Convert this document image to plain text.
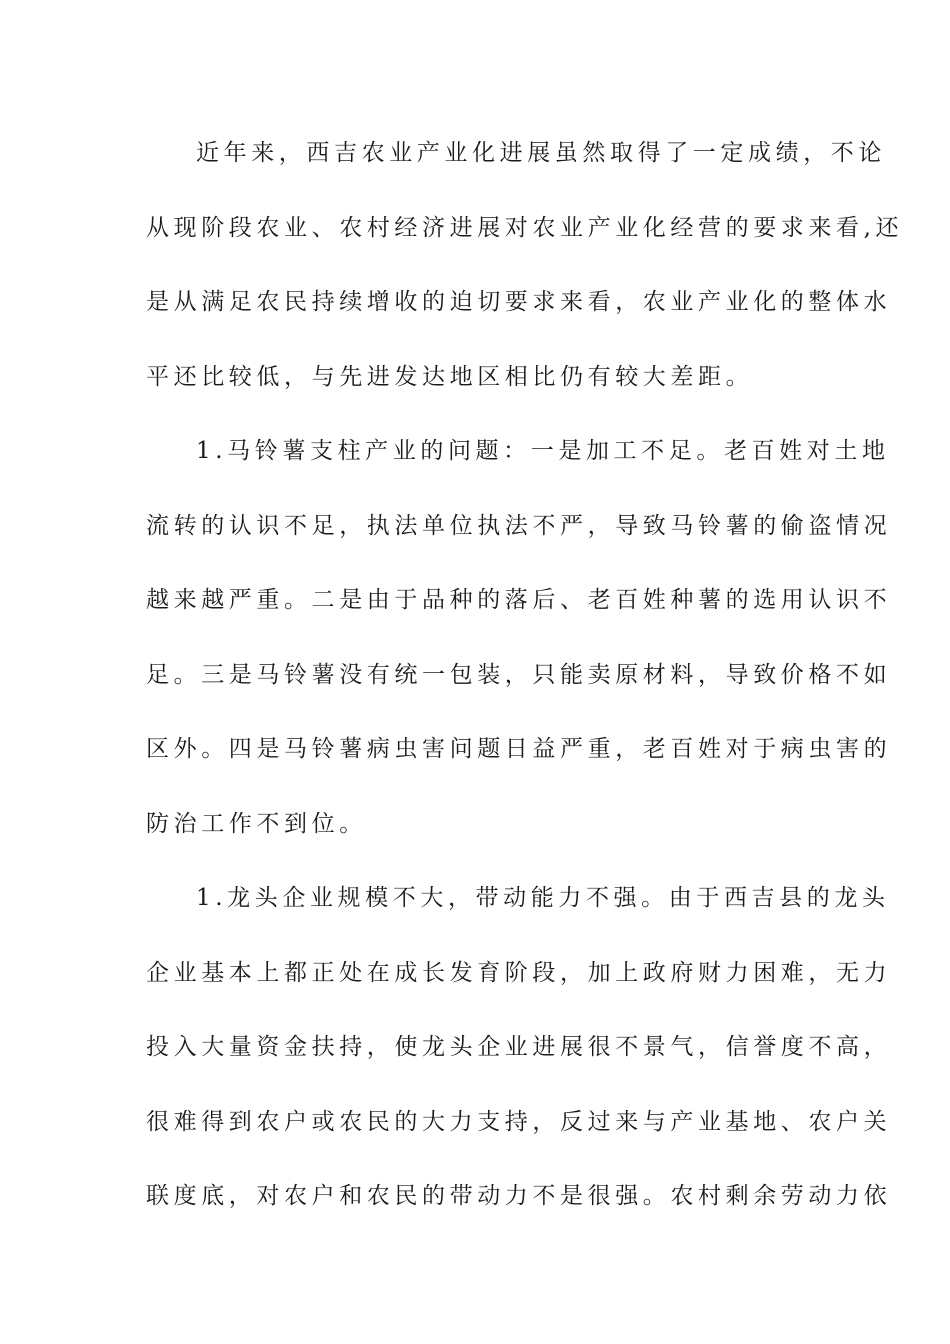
近年来，西吉农业产业化进展虽然取得了一定成绩，不论
从现阶段农业、农村经济进展对农业产业化经营的要求来看,还
是从满足农民持续增收的迫切要求来看，农业产业化的整体水
平还比较低，与先进发达地区相比仍有较大差距。
1.马铃薯支柱产业的问题：一是加工不足。老百姓对土地
流转的认识不足，执法单位执法不严，导致马铃薯的偷盗情况
越来越严重。二是由于品种的落后、老百姓种薯的选用认识不
足。三是马铃薯没有统一包装，只能卖原材料，导致价格不如
区外。四是马铃薯病虫害问题日益严重，老百姓对于病虫害的
防治工作不到位。
1.龙头企业规模不大，带动能力不强。由于西吉县的龙头
企业基本上都正处在成长发育阶段，加上政府财力困难，无力
投入大量资金扶持，使龙头企业进展很不景气，信誉度不高，
很难得到农户或农民的大力支持，反过来与产业基地、农户关
联度底，对农户和农民的带动力不是很强。农村剩余劳动力依
